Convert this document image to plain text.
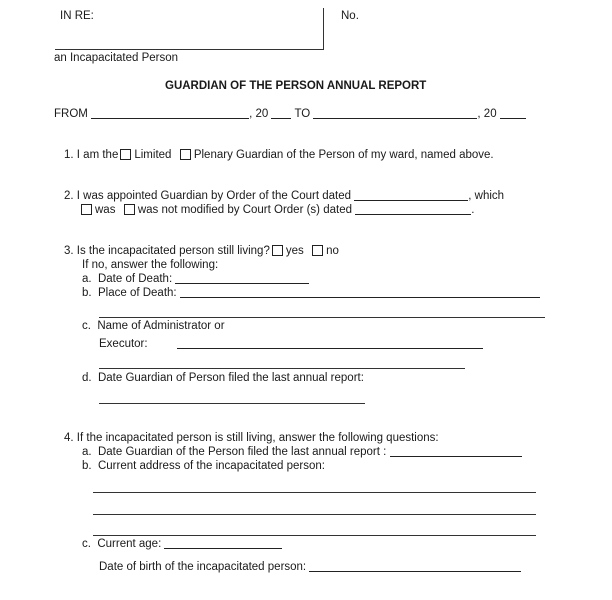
IN RE:	No.
an Incapacitated Person
GUARDIAN OF THE PERSON ANNUAL REPORT
FROM	, 20 TO	, 20
1. I am the Limited Plenary Guardian of the Person of my ward, named above.
2. I was appointed Guardian by Order of the Court dated	, which
was was not modified by Court Order (s) dated	.
3. Is the incapacitated person still living? yes no
If no, answer the following:
a. Date of Death:
b. Place of Death:
c. Name of Administrator or
Executor:
d. Date Guardian of Person filed the last annual report:
4. If the incapacitated person is still living, answer the following questions:
a. Date Guardian of the Person filed the last annual report :
b. Current address of the incapacitated person:
c. Current age:
Date of birth of the incapacitated person:
